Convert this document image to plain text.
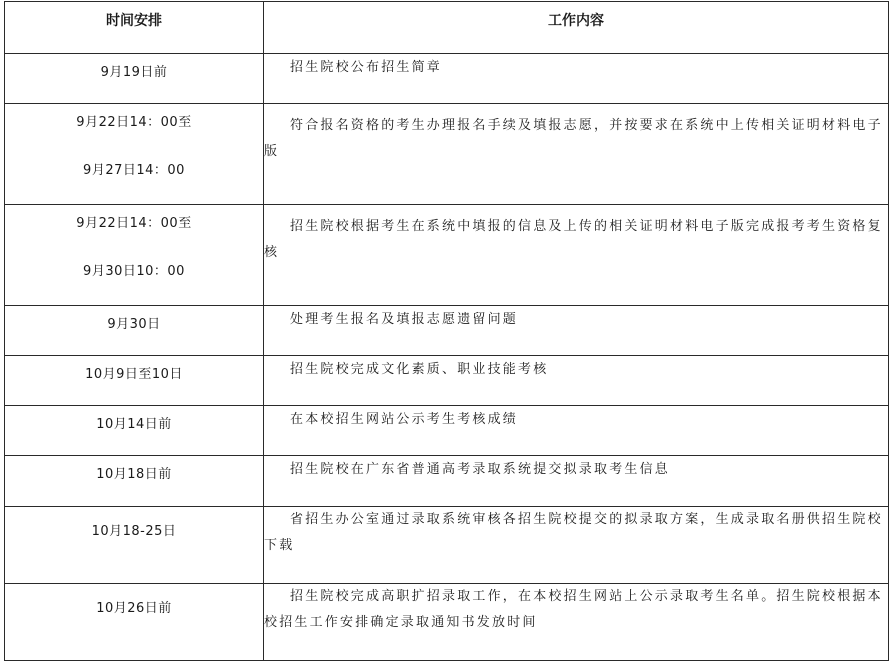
时间安排	工作内容

9月19日前	招生院校公布招生简章

9月22日14：00至
9月27日14：00	符合报名资格的考生办理报名手续及填报志愿，并按要求在系统中上传相关证明材料电子版

9月22日14：00至
9月30日10：00	招生院校根据考生在系统中填报的信息及上传的相关证明材料电子版完成报考考生资格复核

9月30日	处理考生报名及填报志愿遗留问题

10月9日至10日	招生院校完成文化素质、职业技能考核

10月14日前	在本校招生网站公示考生考核成绩

10月18日前	招生院校在广东省普通高考录取系统提交拟录取考生信息

10月18-25日	省招生办公室通过录取系统审核各招生院校提交的拟录取方案，生成录取名册供招生院校下载

10月26日前	招生院校完成高职扩招录取工作，在本校招生网站上公示录取考生名单。招生院校根据本校招生工作安排确定录取通知书发放时间
